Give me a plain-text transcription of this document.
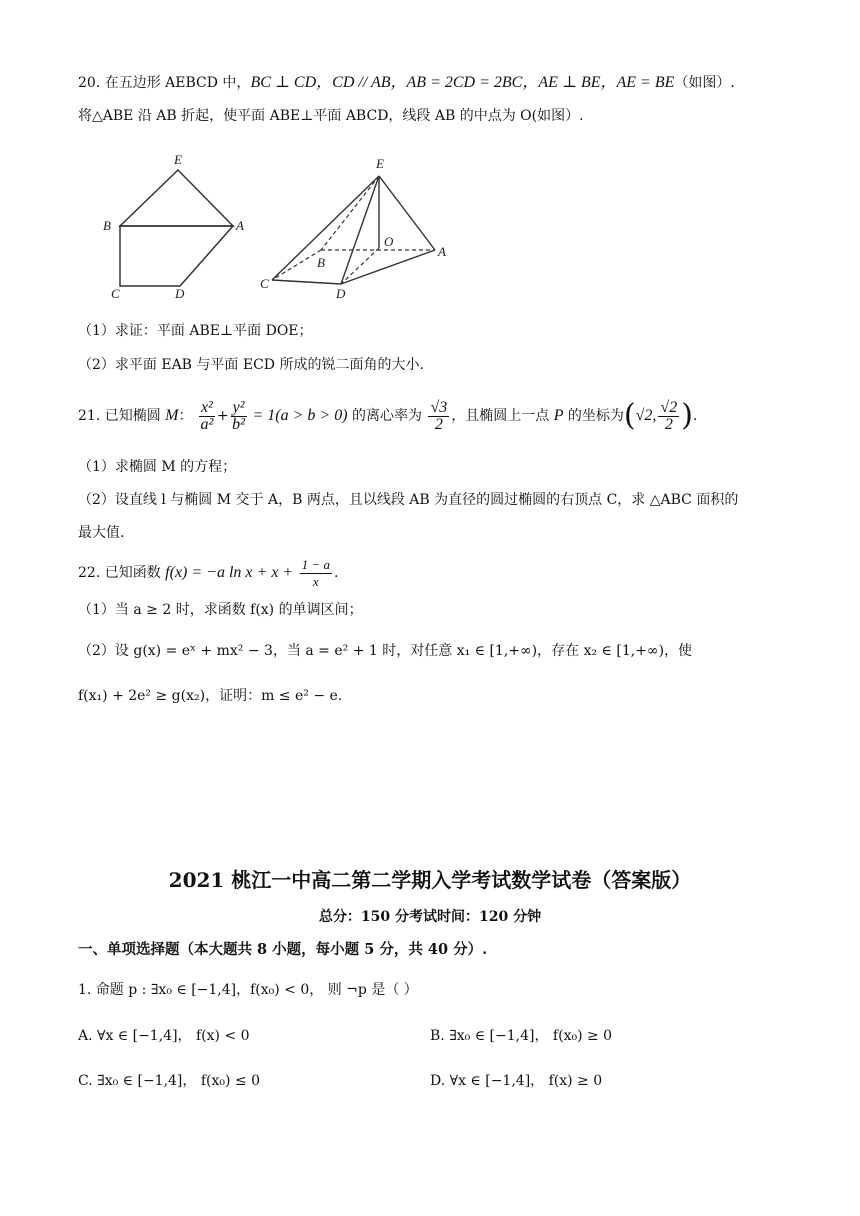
20. 在五边形 AEBCD 中，BC ⊥ CD，CD // AB，AB = 2CD = 2BC，AE ⊥ BE，AE = BE（如图）.
将△ABE 沿 AB 折起，使平面 ABE⊥平面 ABCD，线段 AB 的中点为 O(如图）.
E
B	A
C	D
E
O
B
A
C
D
（1）求证：平面 ABE⊥平面 DOE；
（2）求平面 EAB 与平面 ECD 所成的锐二面角的大小.
21. 已知椭圆 M： $\frac{\text{x²}}{\text{a²}} + \frac{\text{y²}}{\text{b²}} = 1(a > b > 0)$ 的离心率为 $\frac{√3}{2}$ ，且椭圆上一点 P 的坐标为(√2, $\frac{√2}{2}$ ).
（1）求椭圆 M 的方程；
（2）设直线 l 与椭圆 M 交于 A，B 两点，且以线段 AB 为直径的圆过椭圆的右顶点 C，求 △ABC 面积的
最大值.
22. 已知函数 f(x) = −a $\ln x + x + \frac{1 - a}{x}$ .
（1）当 a ≥ 2 时，求函数 f(x) 的单调区间；
（2）设 g(x) = eˣ + mx² − 3，当 a = e² + 1 时，对任意 x₁ ∈ [1,+∞)，存在 x₂ ∈ [1,+∞)，使
f(x₁) + 2e² ≥ g(x₂)，证明：m ≤ e² − e.
2021 桃江一中高二第二学期入学考试数学试卷（答案版）
总分：150 分考试时间：120 分钟
一、单项选择题（本大题共 8 小题，每小题 5 分，共 40 分）.
1. 命题 p : ∃x₀ ∈ [−1,4]，f(x₀) < 0， 则 ¬p 是（ ）
A. ∀x ∈ [−1,4]， f(x) < 0	B. ∃x₀ ∈ [−1,4]， f(x₀) ≥ 0
C. ∃x₀ ∈ [−1,4]， f(x₀) ≤ 0	D. ∀x ∈ [−1,4]， f(x) ≥ 0
